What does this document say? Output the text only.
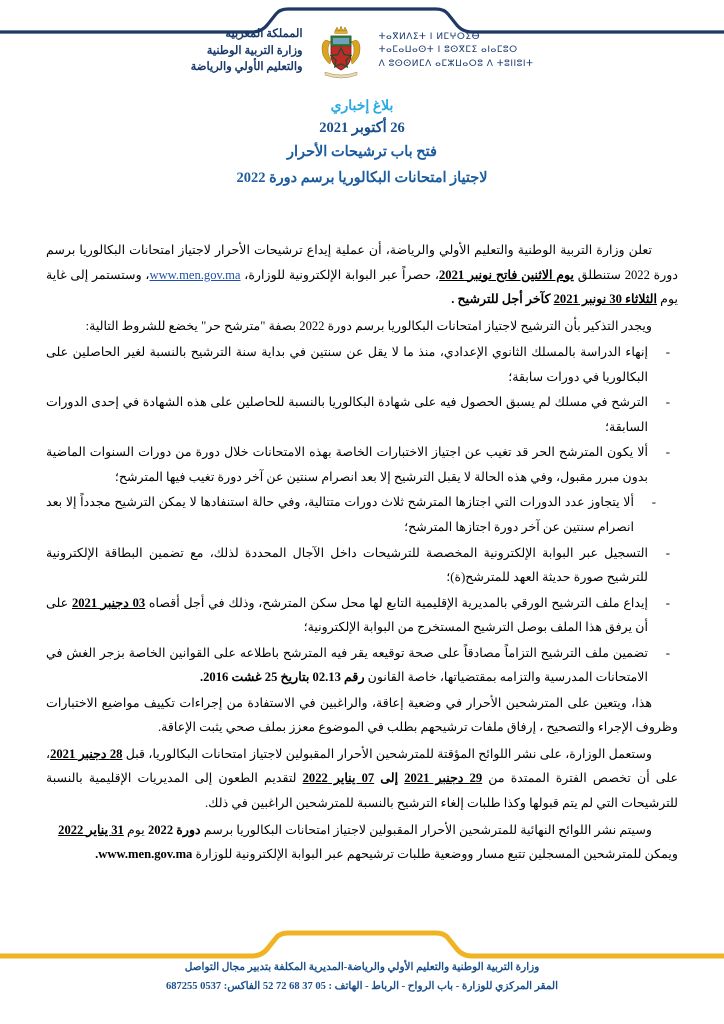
ⵜⴰⴳⵍⴷⵉⵜ ⵏ ⵍⵎⵖⵔⵉⴱ
ⵜⴰⵎⴰⵡⴰⵙⵜ ⵏ ⵓⵙⴳⵎⵉ ⴰⵏⴰⵎⵓⵔ
ⴷ ⵓⵙⵙⵍⵎⴷ ⴰⵎⵣⵡⴰⵔⵓ ⴷ ⵜⵓⵏⵏⵓⵏⵜ
المملكة المغربية
وزارة التربية الوطنية
والتعليم الأولي والرياضة
بلاغ إخباري
26 أكتوبر 2021
فتح باب ترشيحات الأحرار
لاجتياز امتحانات البكالوريا برسم دورة 2022

تعلن وزارة التربية الوطنية والتعليم الأولي والرياضة، أن عملية إيداع ترشيحات الأحرار لاجتياز امتحانات البكالوريا برسم دورة 2022 ستنطلق يوم الاثنين فاتح نونبر 2021، حصراً عبر البوابة الإلكترونية للوزارة، www.men.gov.ma، وستستمر إلى غاية يوم الثلاثاء 30 نونبر 2021 كآخر أجل للترشيح .

ويجدر التذكير بأن الترشيح لاجتياز امتحانات البكالوريا برسم دورة 2022 بصفة "مترشح حر" يخضع للشروط التالية:

- إنهاء الدراسة بالمسلك الثانوي الإعدادي، منذ ما لا يقل عن سنتين في بداية سنة الترشيح بالنسبة لغير الحاصلين على البكالوريا في دورات سابقة؛
- الترشح في مسلك لم يسبق الحصول فيه على شهادة البكالوريا بالنسبة للحاصلين على هذه الشهادة في إحدى الدورات السابقة؛
- ألا يكون المترشح الحر قد تغيب عن اجتياز الاختبارات الخاصة بهذه الامتحانات خلال دورة من دورات السنوات الماضية بدون مبرر مقبول، وفي هذه الحالة لا يقبل الترشيح إلا بعد انصرام سنتين عن آخر دورة تغيب فيها المترشح؛
- ألا يتجاوز عدد الدورات التي اجتازها المترشح ثلاث دورات متتالية، وفي حالة استنفادها لا يمكن الترشيح مجدداً إلا بعد انصرام سنتين عن آخر دورة اجتازها المترشح؛
- التسجيل عبر البوابة الإلكترونية المخصصة للترشيحات داخل الآجال المحددة لذلك، مع تضمين البطاقة الإلكترونية للترشيح صورة حديثة العهد للمترشح(ة)؛
- إيداع ملف الترشيح الورقي بالمديرية الإقليمية التابع لها محل سكن المترشح، وذلك في أجل أقصاه 03 دجنبر 2021 على أن يرفق هذا الملف بوصل الترشيح المستخرج من البوابة الإلكترونية؛
- تضمين ملف الترشيح التزاماً مصادقاً على صحة توقيعه يقر فيه المترشح باطلاعه على القوانين الخاصة بزجر الغش في الامتحانات المدرسية والتزامه بمقتضياتها، خاصة القانون رقم 02.13 بتاريخ 25 غشت 2016.

هذا، ويتعين على المترشحين الأحرار في وضعية إعاقة، والراغبين في الاستفادة من إجراءات تكييف مواضيع الاختبارات وظروف الإجراء والتصحيح ، إرفاق ملفات ترشيحهم بطلب في الموضوع معزز بملف صحي يثبت الإعاقة.

وستعمل الوزارة، على نشر اللوائح المؤقتة للمترشحين الأحرار المقبولين لاجتياز امتحانات البكالوريا، قبل 28 دجنبر 2021، على أن تخصص الفترة الممتدة من 29 دجنبر 2021 إلى 07 يناير 2022 لتقديم الطعون إلى المديريات الإقليمية بالنسبة للترشيحات التي لم يتم قبولها وكذا طلبات إلغاء الترشيح بالنسبة للمترشحين الراغبين في ذلك.

وسيتم نشر اللوائح النهائية للمترشحين الأحرار المقبولين لاجتياز امتحانات البكالوريا برسم دورة 2022 يوم 31 يناير 2022

ويمكن للمترشحين المسجلين تتبع مسار ووضعية طلبات ترشيحهم عبر البوابة الإلكترونية للوزارة www.men.gov.ma.

وزارة التربية الوطنية والتعليم الأولي والرياضة-المديرية المكلفة بتدبير مجال التواصل
المقر المركزي للوزارة - باب الرواح - الرباط - الهاتف : 05 37 68 72 52 الفاكس: 0537 687255
